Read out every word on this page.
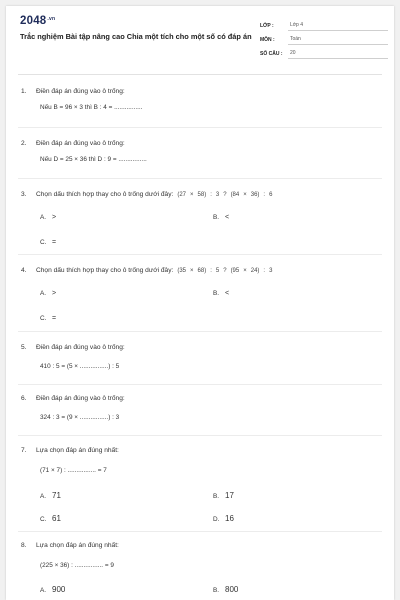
$2048^{.vn}$
Trắc nghiệm Bài tập nâng cao Chia một tích cho một số có đáp án
LỚP :	Lớp 4
MÔN :	Toán
SỐ CÂU :	20
1. Điền đáp án đúng vào ô trống:
Nếu B = 96 × 3 thì B : 4 = ................
2. Điền đáp án đúng vào ô trống:
Nếu D = 25 × 36 thì D : 9 = ................
3. Chọn dấu thích hợp thay cho ô trống dưới đây: (27 × 58) : 3 ? (84 × 36) : 6
A. >	B. <
C. =
4. Chọn dấu thích hợp thay cho ô trống dưới đây: (35 × 68) : 5 ? (95 × 24) : 3
A. >	B. <
C. =
5. Điền đáp án đúng vào ô trống:
410 : 5 = (5 × ................) : 5
6. Điền đáp án đúng vào ô trống:
324 : 3 = (9 × ................) : 3
7. Lựa chọn đáp án đúng nhất:
(71 × 7) : ................ = 7
A. 71	B. 17
C. 61	D. 16
8. Lựa chọn đáp án đúng nhất:
(225 × 36) : ................ = 9
A. 900	B. 800
